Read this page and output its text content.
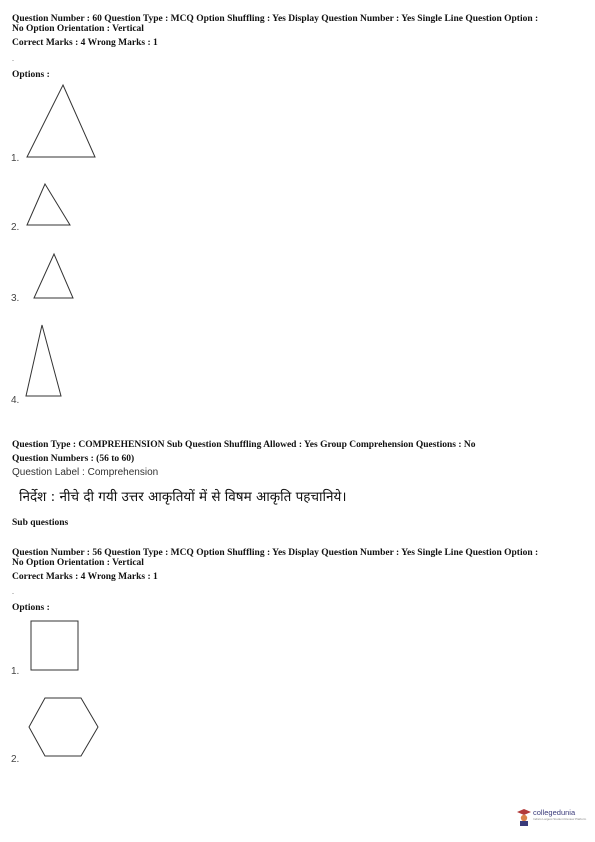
Question Number : 60 Question Type : MCQ Option Shuffling : Yes Display Question Number : Yes Single Line Question Option :
No Option Orientation : Vertical
Correct Marks : 4 Wrong Marks : 1
.
Options :
1.
2.
3.
4.
Question Type : COMPREHENSION Sub Question Shuffling Allowed : Yes Group Comprehension Questions : No
Question Numbers : (56 to 60)
Question Label : Comprehension
निर्देश : नीचे दी गयी उत्तर आकृतियों में से विषम आकृति पहचानिये।
Sub questions
Question Number : 56 Question Type : MCQ Option Shuffling : Yes Display Question Number : Yes Single Line Question Option :
No Option Orientation : Vertical
Correct Marks : 4 Wrong Marks : 1
.
Options :
1.
2.
collegedunia
India's Largest Student Review Platform
